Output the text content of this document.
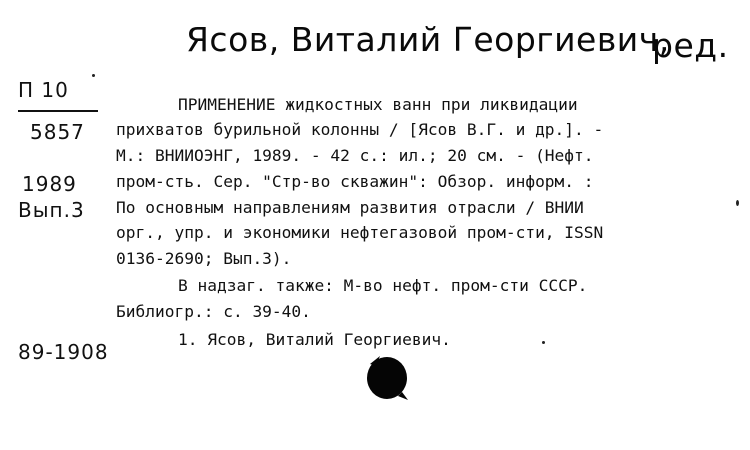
Ясов, Виталий Георгиевич,
ред.
П 10
5857
1989
Вып.3
89-1908
ПРИМЕНЕНИЕ жидкостных ванн при ликвидации
прихватов бурильной колонны / [Ясов В.Г. и др.]. -
М.: ВНИИОЭНГ, 1989. - 42 с.: ил.; 20 см. - (Нефт.
пром-сть. Сер. "Стр-во скважин": Обзор. информ. :
По основным направлениям развития отрасли / ВНИИ
орг., упр. и экономики нефтегазовой пром-сти, ISSN
0136-2690; Вып.3).
В надзаг. также: М-во нефт. пром-сти СССР.
Библиогр.: с. 39-40.
1. Ясов, Виталий Георгиевич.
